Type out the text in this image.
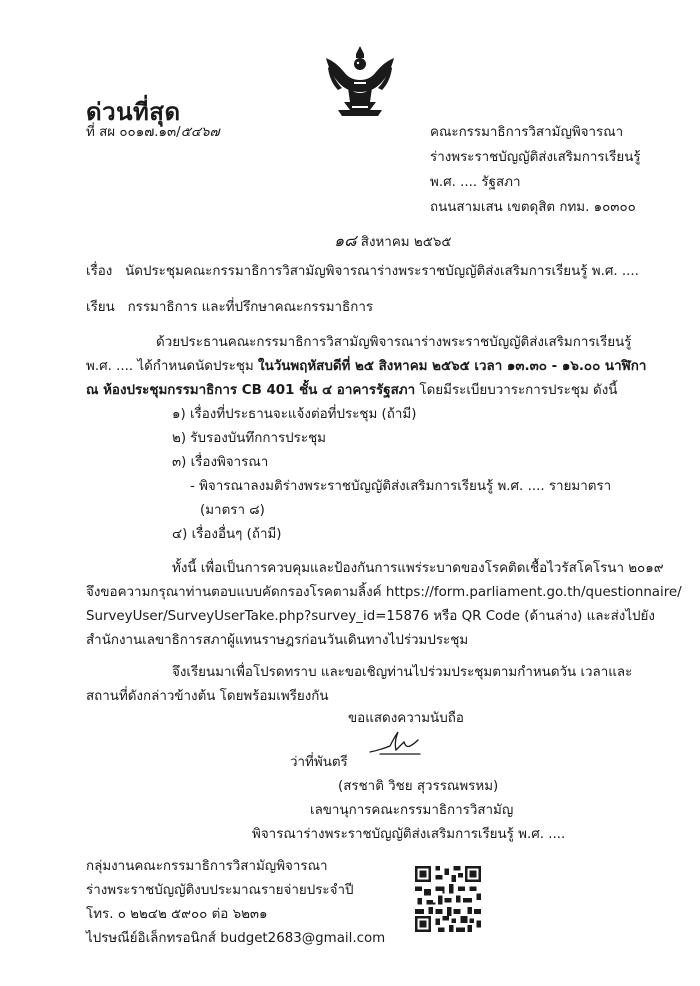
ด่วนที่สุด
ที่ สผ ๐๐๑๗.๑๓/๕๔๖๗	คณะกรรมาธิการวิสามัญพิจารณา
ร่างพระราชบัญญัติส่งเสริมการเรียนรู้
พ.ศ. .... รัฐสภา
ถนนสามเสน เขตดุสิต กทม. ๑๐๓๐๐
๑๘ สิงหาคม ๒๕๖๕
เรื่อง นัดประชุมคณะกรรมาธิการวิสามัญพิจารณาร่างพระราชบัญญัติส่งเสริมการเรียนรู้ พ.ศ. ....
เรียน กรรมาธิการ และที่ปรึกษาคณะกรรมาธิการ
ด้วยประธานคณะกรรมาธิการวิสามัญพิจารณาร่างพระราชบัญญัติส่งเสริมการเรียนรู้
พ.ศ. .... ได้กำหนดนัดประชุม ในวันพฤหัสบดีที่ ๒๕ สิงหาคม ๒๕๖๕ เวลา ๑๓.๓๐ - ๑๖.๐๐ นาฬิกา
ณ ห้องประชุมกรรมาธิการ CB 401 ชั้น ๔ อาคารรัฐสภา โดยมีระเบียบวาระการประชุม ดังนี้
๑) เรื่องที่ประธานจะแจ้งต่อที่ประชุม (ถ้ามี)
๒) รับรองบันทึกการประชุม
๓) เรื่องพิจารณา
- พิจารณาลงมติร่างพระราชบัญญัติส่งเสริมการเรียนรู้ พ.ศ. .... รายมาตรา
(มาตรา ๘)
๔) เรื่องอื่นๆ (ถ้ามี)
ทั้งนี้ เพื่อเป็นการควบคุมและป้องกันการแพร่ระบาดของโรคติดเชื้อไวรัสโคโรนา ๒๐๑๙
จึงขอความกรุณาท่านตอบแบบคัดกรองโรคตามลิ้งค์ https://form.parliament.go.th/questionnaire/
SurveyUser/SurveyUserTake.php?survey_id=15876 หรือ QR Code (ด้านล่าง) และส่งไปยัง
สำนักงานเลขาธิการสภาผู้แทนราษฎรก่อนวันเดินทางไปร่วมประชุม
จึงเรียนมาเพื่อโปรดทราบ และขอเชิญท่านไปร่วมประชุมตามกำหนดวัน เวลาและ
สถานที่ดังกล่าวข้างต้น โดยพร้อมเพรียงกัน
ขอแสดงความนับถือ
ว่าที่พันตรี
(สรชาติ วิชย สุวรรณพรหม)
เลขานุการคณะกรรมาธิการวิสามัญ
พิจารณาร่างพระราชบัญญัติส่งเสริมการเรียนรู้ พ.ศ. ....
กลุ่มงานคณะกรรมาธิการวิสามัญพิจารณา
ร่างพระราชบัญญัติงบประมาณรายจ่ายประจำปี
โทร. ๐ ๒๒๔๒ ๕๙๐๐ ต่อ ๖๒๓๑
ไปรษณีย์อิเล็กทรอนิกส์ budget2683@gmail.com
